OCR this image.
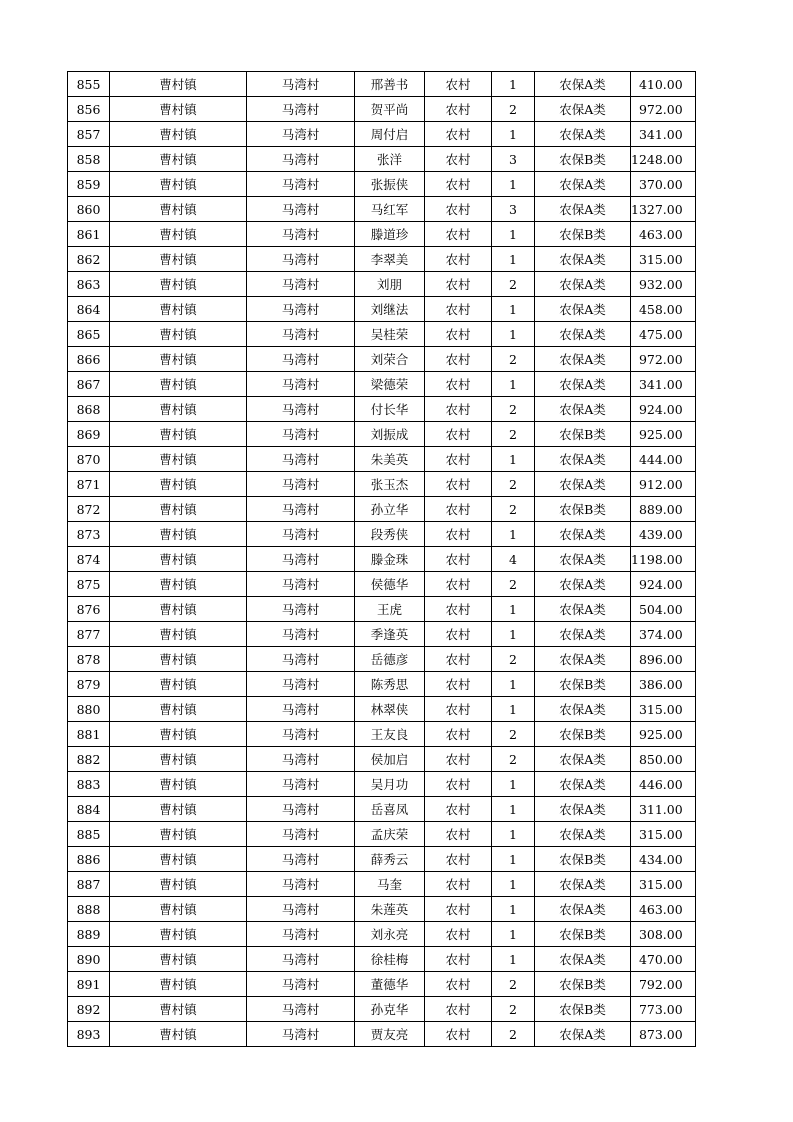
855	曹村镇	马湾村	邢善书	农村	1	农保A类	410.00
856	曹村镇	马湾村	贺平尚	农村	2	农保A类	972.00
857	曹村镇	马湾村	周付启	农村	1	农保A类	341.00
858	曹村镇	马湾村	张洋	农村	3	农保B类	1248.00
859	曹村镇	马湾村	张振侠	农村	1	农保A类	370.00
860	曹村镇	马湾村	马红军	农村	3	农保A类	1327.00
861	曹村镇	马湾村	滕道珍	农村	1	农保B类	463.00
862	曹村镇	马湾村	李翠美	农村	1	农保A类	315.00
863	曹村镇	马湾村	刘朋	农村	2	农保A类	932.00
864	曹村镇	马湾村	刘继法	农村	1	农保A类	458.00
865	曹村镇	马湾村	吴桂荣	农村	1	农保A类	475.00
866	曹村镇	马湾村	刘荣合	农村	2	农保A类	972.00
867	曹村镇	马湾村	梁德荣	农村	1	农保A类	341.00
868	曹村镇	马湾村	付长华	农村	2	农保A类	924.00
869	曹村镇	马湾村	刘振成	农村	2	农保B类	925.00
870	曹村镇	马湾村	朱美英	农村	1	农保A类	444.00
871	曹村镇	马湾村	张玉杰	农村	2	农保A类	912.00
872	曹村镇	马湾村	孙立华	农村	2	农保B类	889.00
873	曹村镇	马湾村	段秀侠	农村	1	农保A类	439.00
874	曹村镇	马湾村	滕金珠	农村	4	农保A类	1198.00
875	曹村镇	马湾村	侯德华	农村	2	农保A类	924.00
876	曹村镇	马湾村	王虎	农村	1	农保A类	504.00
877	曹村镇	马湾村	季逢英	农村	1	农保A类	374.00
878	曹村镇	马湾村	岳德彦	农村	2	农保A类	896.00
879	曹村镇	马湾村	陈秀思	农村	1	农保B类	386.00
880	曹村镇	马湾村	林翠侠	农村	1	农保A类	315.00
881	曹村镇	马湾村	王友良	农村	2	农保B类	925.00
882	曹村镇	马湾村	侯加启	农村	2	农保A类	850.00
883	曹村镇	马湾村	吴月功	农村	1	农保A类	446.00
884	曹村镇	马湾村	岳喜凤	农村	1	农保A类	311.00
885	曹村镇	马湾村	孟庆荣	农村	1	农保A类	315.00
886	曹村镇	马湾村	薛秀云	农村	1	农保B类	434.00
887	曹村镇	马湾村	马奎	农村	1	农保A类	315.00
888	曹村镇	马湾村	朱莲英	农村	1	农保A类	463.00
889	曹村镇	马湾村	刘永亮	农村	1	农保B类	308.00
890	曹村镇	马湾村	徐桂梅	农村	1	农保A类	470.00
891	曹村镇	马湾村	董德华	农村	2	农保B类	792.00
892	曹村镇	马湾村	孙克华	农村	2	农保B类	773.00
893	曹村镇	马湾村	贾友亮	农村	2	农保A类	873.00
